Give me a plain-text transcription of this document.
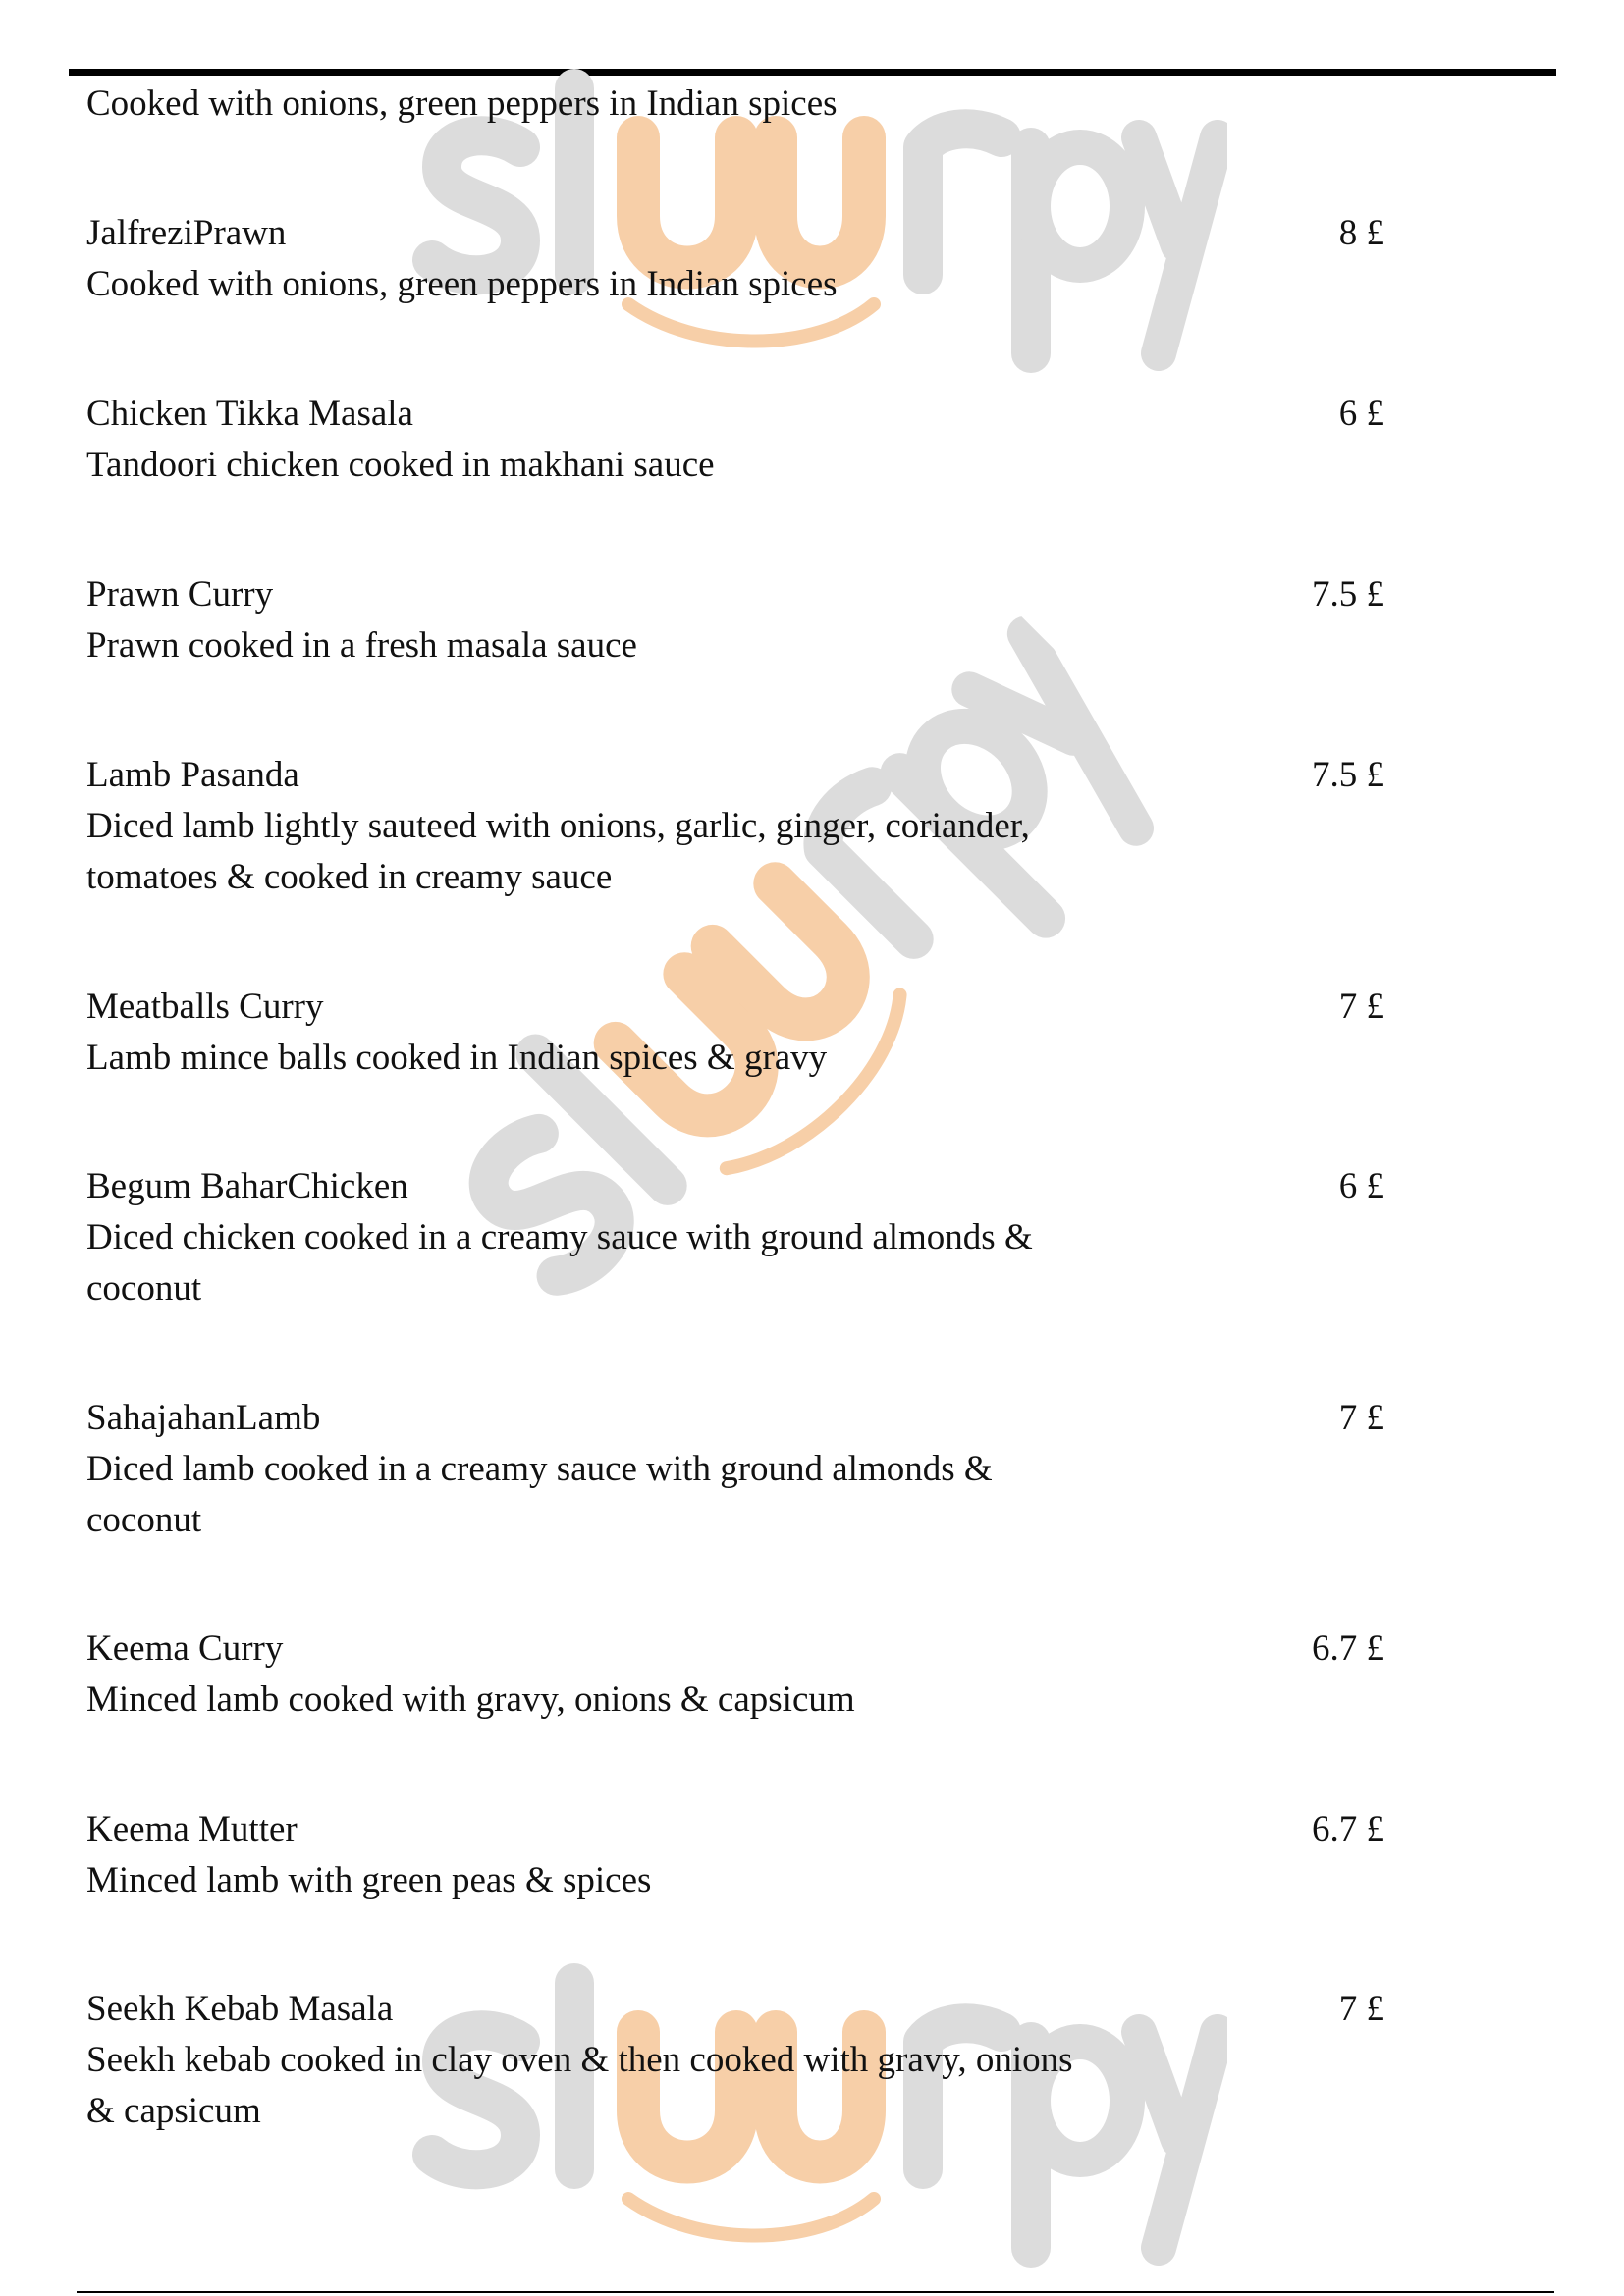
Cooked with onions, green peppers in Indian spices
JalfreziPrawn	8 £
Cooked with onions, green peppers in Indian spices
Chicken Tikka Masala	6 £
Tandoori chicken cooked in makhani sauce
Prawn Curry	7.5 £
Prawn cooked in a fresh masala sauce
Lamb Pasanda	7.5 £
Diced lamb lightly sauteed with onions, garlic, ginger, coriander,
tomatoes & cooked in creamy sauce
Meatballs Curry	7 £
Lamb mince balls cooked in Indian spices & gravy
Begum BaharChicken	6 £
Diced chicken cooked in a creamy sauce with ground almonds &
coconut
SahajahanLamb	7 £
Diced lamb cooked in a creamy sauce with ground almonds &
coconut
Keema Curry	6.7 £
Minced lamb cooked with gravy, onions & capsicum
Keema Mutter	6.7 £
Minced lamb with green peas & spices
Seekh Kebab Masala	7 £
Seekh kebab cooked in clay oven & then cooked with gravy, onions
& capsicum
